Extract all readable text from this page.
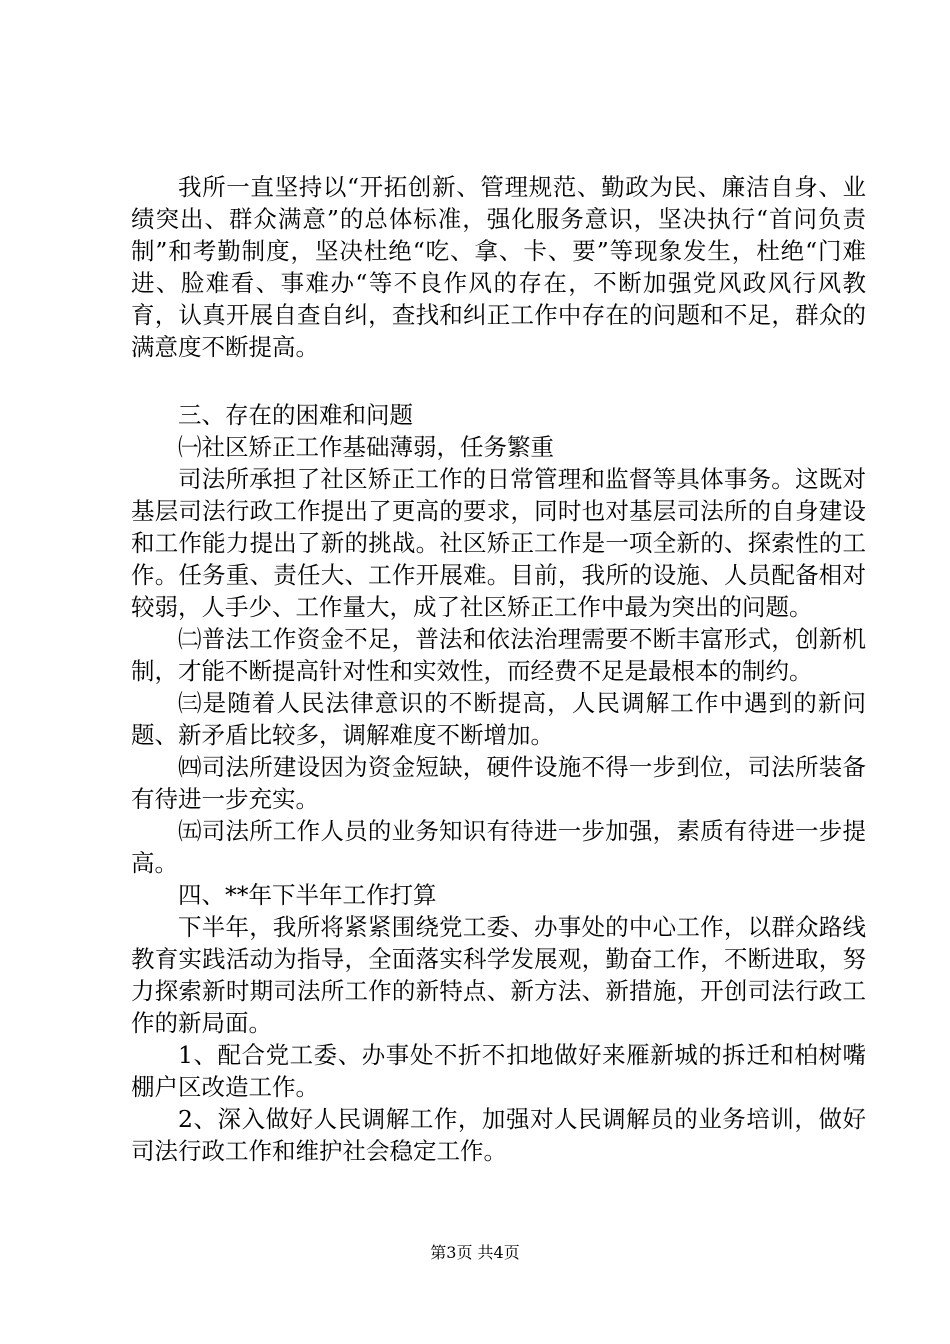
我所一直坚持以“开拓创新、管理规范、勤政为民、廉洁自身、业绩突出、群众满意”的总体标准，强化服务意识，坚决执行“首问负责制”和考勤制度，坚决杜绝“吃、拿、卡、要”等现象发生，杜绝“门难进、脸难看、事难办“等不良作风的存在，不断加强党风政风行风教育，认真开展自查自纠，查找和纠正工作中存在的问题和不足，群众的满意度不断提高。

三、存在的困难和问题

㈠社区矫正工作基础薄弱，任务繁重

司法所承担了社区矫正工作的日常管理和监督等具体事务。这既对基层司法行政工作提出了更高的要求，同时也对基层司法所的自身建设和工作能力提出了新的挑战。社区矫正工作是一项全新的、探索性的工作。任务重、责任大、工作开展难。目前，我所的设施、人员配备相对较弱，人手少、工作量大，成了社区矫正工作中最为突出的问题。

㈡普法工作资金不足，普法和依法治理需要不断丰富形式，创新机制，才能不断提高针对性和实效性，而经费不足是最根本的制约。

㈢是随着人民法律意识的不断提高，人民调解工作中遇到的新问题、新矛盾比较多，调解难度不断增加。

㈣司法所建设因为资金短缺，硬件设施不得一步到位，司法所装备有待进一步充实。

㈤司法所工作人员的业务知识有待进一步加强，素质有待进一步提高。

四、**年下半年工作打算

下半年，我所将紧紧围绕党工委、办事处的中心工作，以群众路线教育实践活动为指导，全面落实科学发展观，勤奋工作，不断进取，努力探索新时期司法所工作的新特点、新方法、新措施，开创司法行政工作的新局面。

1、配合党工委、办事处不折不扣地做好来雁新城的拆迁和柏树嘴棚户区改造工作。

2、深入做好人民调解工作，加强对人民调解员的业务培训，做好司法行政工作和维护社会稳定工作。

第3页 共4页
